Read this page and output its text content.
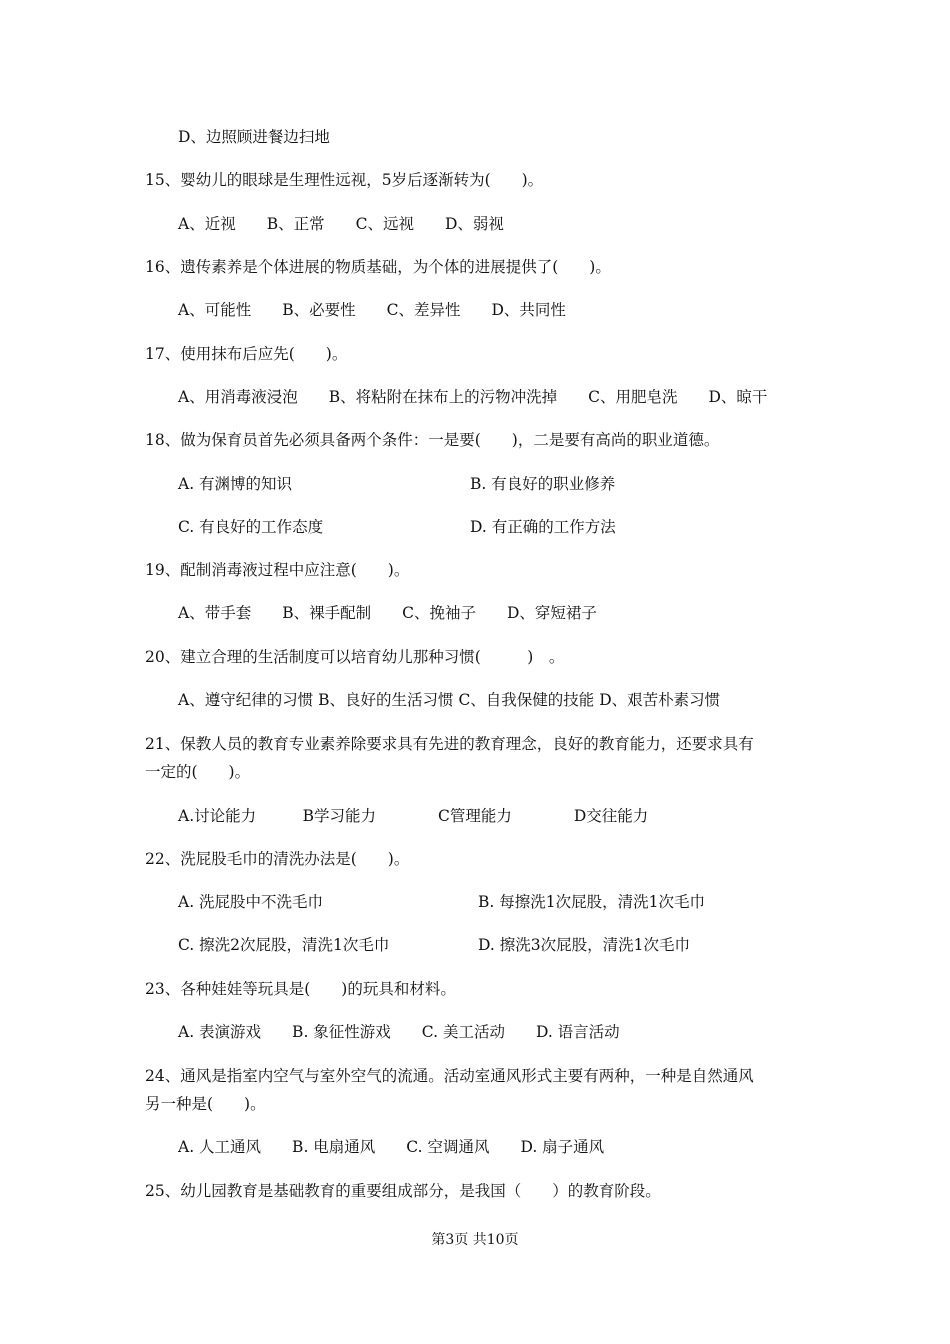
D、边照顾进餐边扫地
15、婴幼儿的眼球是生理性远视，5岁后逐渐转为(　　)。
A、近视　　B、正常　　C、远视　　D、弱视
16、遗传素养是个体进展的物质基础，为个体的进展提供了(　　)。
A、可能性　　B、必要性　　C、差异性　　D、共同性
17、使用抹布后应先(　　)。
A、用消毒液浸泡　　B、将粘附在抹布上的污物冲洗掉　　C、用肥皂洗　　D、晾干
18、做为保育员首先必须具备两个条件：一是要(　　)，二是要有高尚的职业道德。
A. 有渊博的知识	B. 有良好的职业修养
C. 有良好的工作态度	D. 有正确的工作方法
19、配制消毒液过程中应注意(　　)。
A、带手套　　B、裸手配制　　C、挽袖子　　D、穿短裙子
20、建立合理的生活制度可以培育幼儿那种习惯(　　　)　。
A、遵守纪律的习惯 B、良好的生活习惯 C、自我保健的技能 D、艰苦朴素习惯
21、保教人员的教育专业素养除要求具有先进的教育理念，良好的教育能力，还要求具有
一定的(　　)。
A.讨论能力　　　B学习能力　　　　C管理能力　　　　D交往能力
22、洗屁股毛巾的清洗办法是(　　)。
A. 洗屁股中不洗毛巾	B. 每擦洗1次屁股，清洗1次毛巾
C. 擦洗2次屁股，清洗1次毛巾	D. 擦洗3次屁股，清洗1次毛巾
23、各种娃娃等玩具是(　　)的玩具和材料。
A. 表演游戏　　B. 象征性游戏　　C. 美工活动　　D. 语言活动
24、通风是指室内空气与室外空气的流通。活动室通风形式主要有两种，一种是自然通风
另一种是(　　)。
A. 人工通风　　B. 电扇通风　　C. 空调通风　　D. 扇子通风
25、幼儿园教育是基础教育的重要组成部分，是我国（　　）的教育阶段。
第3页 共10页
